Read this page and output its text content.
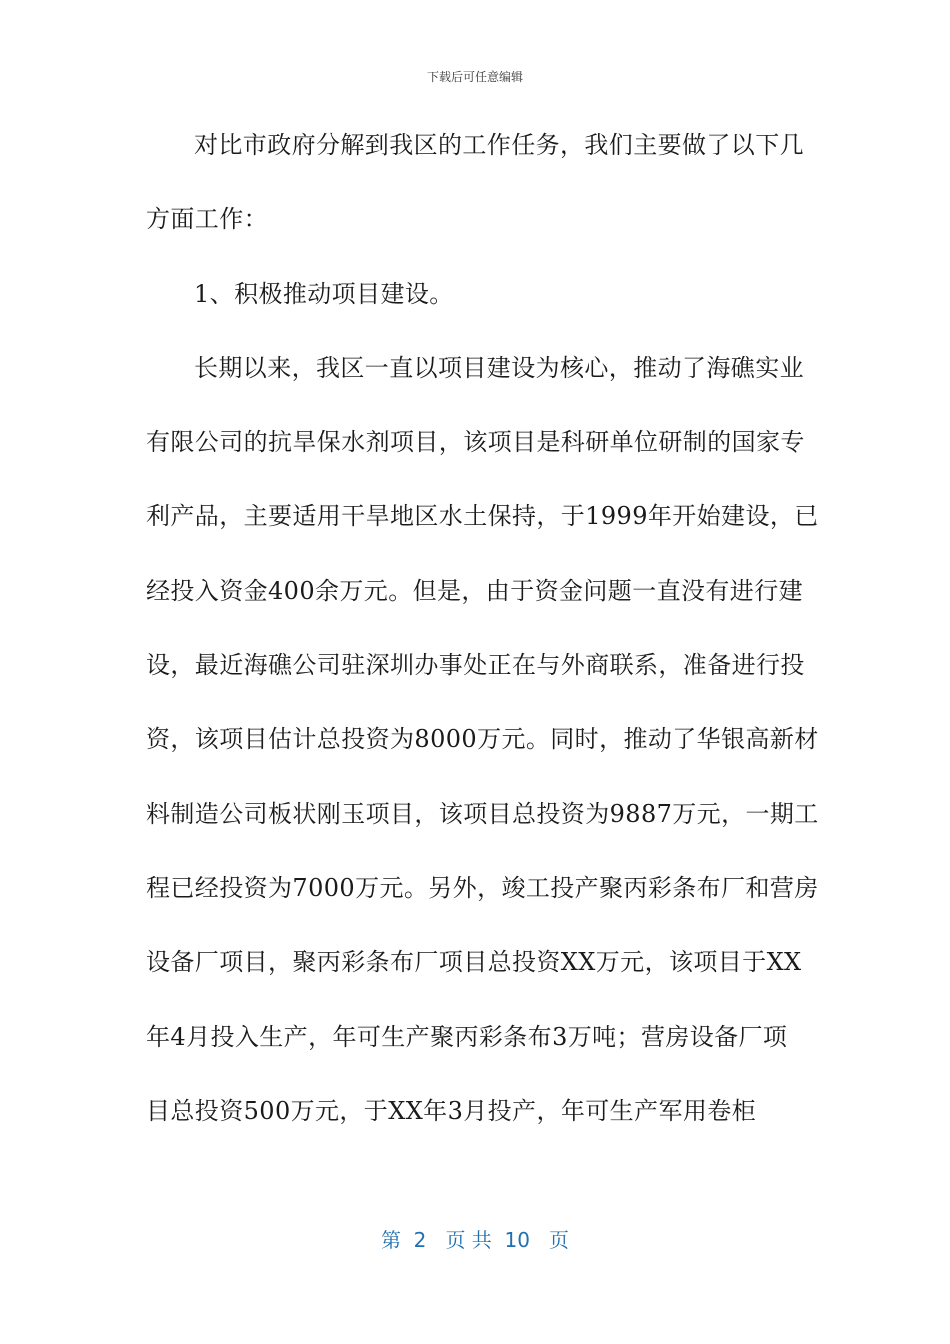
下载后可任意编辑
对比市政府分解到我区的工作任务，我们主要做了以下几
方面工作：
1、积极推动项目建设。
长期以来，我区一直以项目建设为核心，推动了海礁实业
有限公司的抗旱保水剂项目，该项目是科研单位研制的国家专
利产品，主要适用干旱地区水土保持，于1999年开始建设，已
经投入资金400余万元。但是，由于资金问题一直没有进行建
设，最近海礁公司驻深圳办事处正在与外商联系，准备进行投
资，该项目估计总投资为8000万元。同时，推动了华银高新材
料制造公司板状刚玉项目，该项目总投资为9887万元，一期工
程已经投资为7000万元。另外，竣工投产聚丙彩条布厂和营房
设备厂项目，聚丙彩条布厂项目总投资XX万元，该项目于XX
年4月投入生产，年可生产聚丙彩条布3万吨；营房设备厂项
目总投资500万元，于XX年3月投产，年可生产军用卷柜
第  2   页 共  10   页
